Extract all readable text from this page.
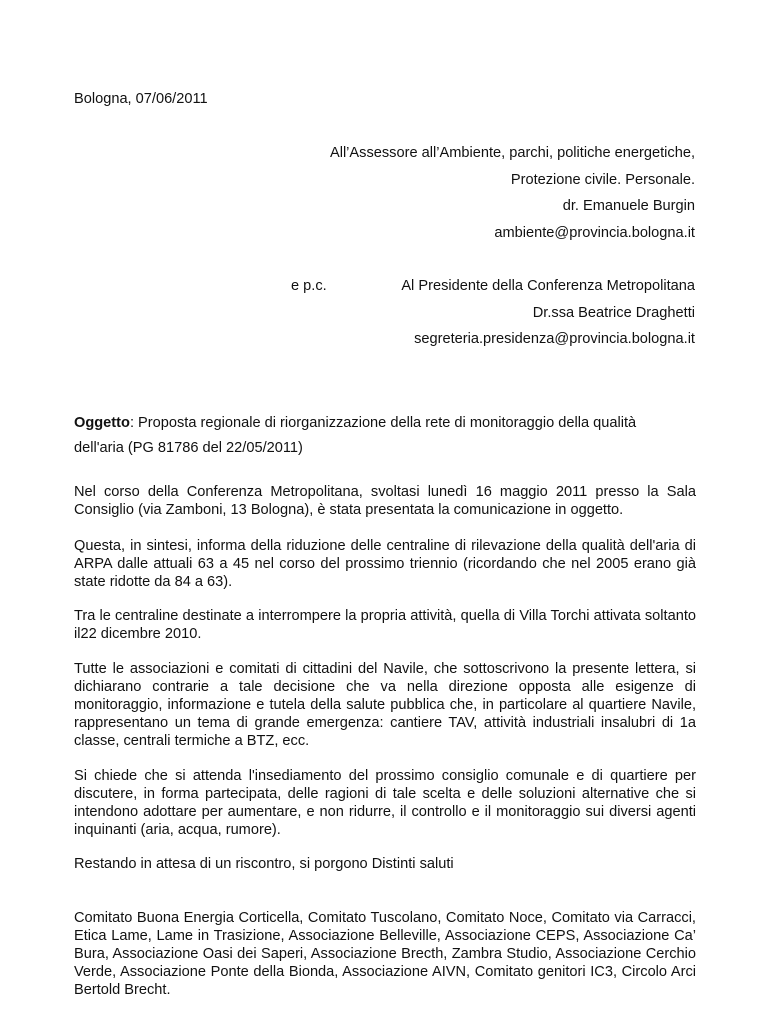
Bologna, 07/06/2011
All’Assessore all’Ambiente, parchi, politiche energetiche,
Protezione civile. Personale.
dr. Emanuele Burgin
ambiente@provincia.bologna.it
e p.c.	Al Presidente della Conferenza Metropolitana
Dr.ssa Beatrice Draghetti
segreteria.presidenza@provincia.bologna.it
Oggetto: Proposta regionale di riorganizzazione della rete di monitoraggio della qualità
dell'aria (PG 81786 del 22/05/2011)

Nel corso della Conferenza Metropolitana, svoltasi lunedì 16 maggio 2011 presso la Sala Consiglio (via Zamboni, 13 Bologna), è stata presentata la comunicazione in oggetto.

Questa, in sintesi, informa della riduzione delle centraline di rilevazione della qualità dell'aria di ARPA dalle attuali 63 a 45 nel corso del prossimo triennio (ricordando che nel 2005 erano già state ridotte da 84 a 63).

Tra le centraline destinate a interrompere la propria attività, quella di Villa Torchi attivata soltanto il22 dicembre 2010.

Tutte le associazioni e comitati di cittadini del Navile, che sottoscrivono la presente lettera, si dichiarano contrarie a tale decisione che va nella direzione opposta alle esigenze di monitoraggio, informazione e tutela della salute pubblica che, in particolare al quartiere Navile, rappresentano un tema di grande emergenza: cantiere TAV, attività industriali insalubri di 1a classe, centrali termiche a BTZ, ecc.

Si chiede che si attenda l'insediamento del prossimo consiglio comunale e di quartiere per discutere, in forma partecipata, delle ragioni di tale scelta e delle soluzioni alternative che si intendono adottare per aumentare, e non ridurre, il controllo e il monitoraggio sui diversi agenti inquinanti (aria, acqua, rumore).

Restando in attesa di un riscontro, si porgono Distinti saluti

Comitato Buona Energia Corticella, Comitato Tuscolano, Comitato Noce, Comitato via Carracci, Etica Lame, Lame in Trasizione, Associazione Belleville, Associazione CEPS, Associazione Ca’ Bura, Associazione Oasi dei Saperi, Associazione Brecth, Zambra Studio, Associazione Cerchio Verde, Associazione Ponte della Bionda, Associazione AIVN, Comitato genitori IC3, Circolo Arci Bertold Brecht.
